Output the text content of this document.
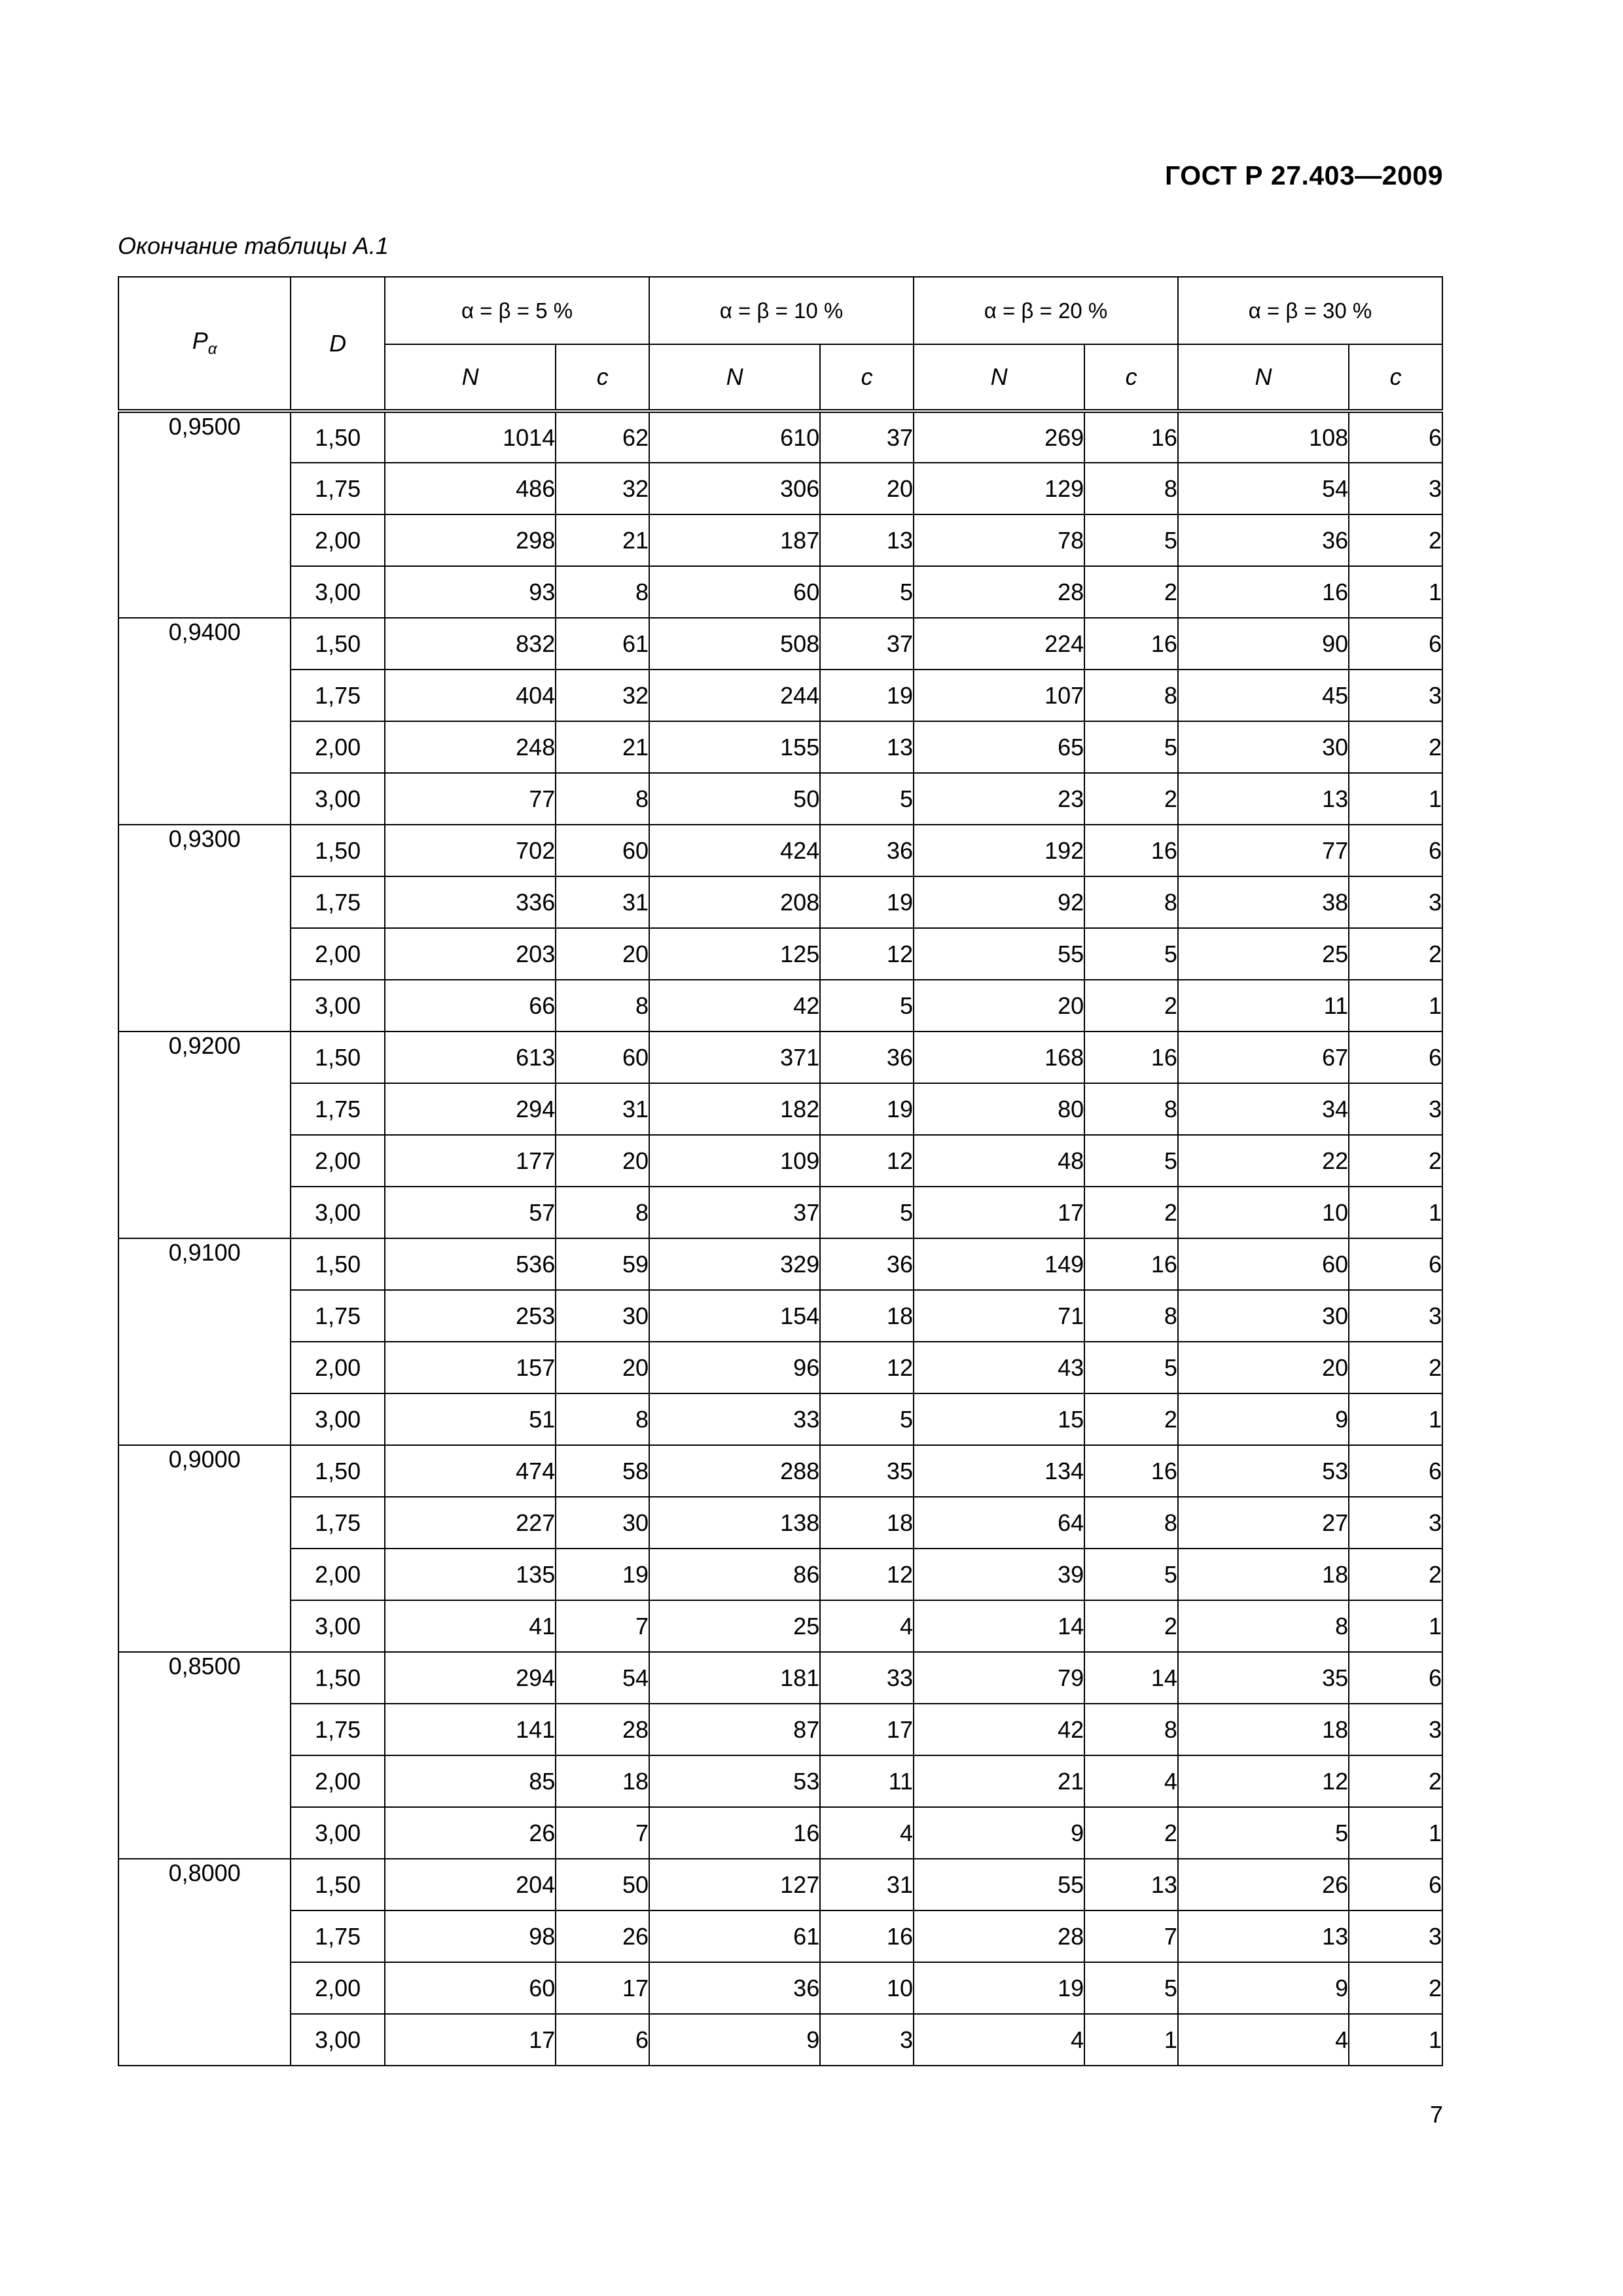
ГОСТ Р 27.403—2009
Окончание таблицы А.1
$P_\alpha$	D	α = β = 5 %		α = β = 10 %		α = β = 20 %		α = β = 30 %	
		N	c	N	c	N	c	N	c
0,9500	1,50	1014	62	610	37	269	16	108	6
	1,75	486	32	306	20	129	8	54	3
	2,00	298	21	187	13	78	5	36	2
	3,00	93	8	60	5	28	2	16	1
0,9400	1,50	832	61	508	37	224	16	90	6
	1,75	404	32	244	19	107	8	45	3
	2,00	248	21	155	13	65	5	30	2
	3,00	77	8	50	5	23	2	13	1
0,9300	1,50	702	60	424	36	192	16	77	6
	1,75	336	31	208	19	92	8	38	3
	2,00	203	20	125	12	55	5	25	2
	3,00	66	8	42	5	20	2	11	1
0,9200	1,50	613	60	371	36	168	16	67	6
	1,75	294	31	182	19	80	8	34	3
	2,00	177	20	109	12	48	5	22	2
	3,00	57	8	37	5	17	2	10	1
0,9100	1,50	536	59	329	36	149	16	60	6
	1,75	253	30	154	18	71	8	30	3
	2,00	157	20	96	12	43	5	20	2
	3,00	51	8	33	5	15	2	9	1
0,9000	1,50	474	58	288	35	134	16	53	6
	1,75	227	30	138	18	64	8	27	3
	2,00	135	19	86	12	39	5	18	2
	3,00	41	7	25	4	14	2	8	1
0,8500	1,50	294	54	181	33	79	14	35	6
	1,75	141	28	87	17	42	8	18	3
	2,00	85	18	53	11	21	4	12	2
	3,00	26	7	16	4	9	2	5	1
0,8000	1,50	204	50	127	31	55	13	26	6
	1,75	98	26	61	16	28	7	13	3
	2,00	60	17	36	10	19	5	9	2
	3,00	17	6	9	3	4	1	4	1
7
